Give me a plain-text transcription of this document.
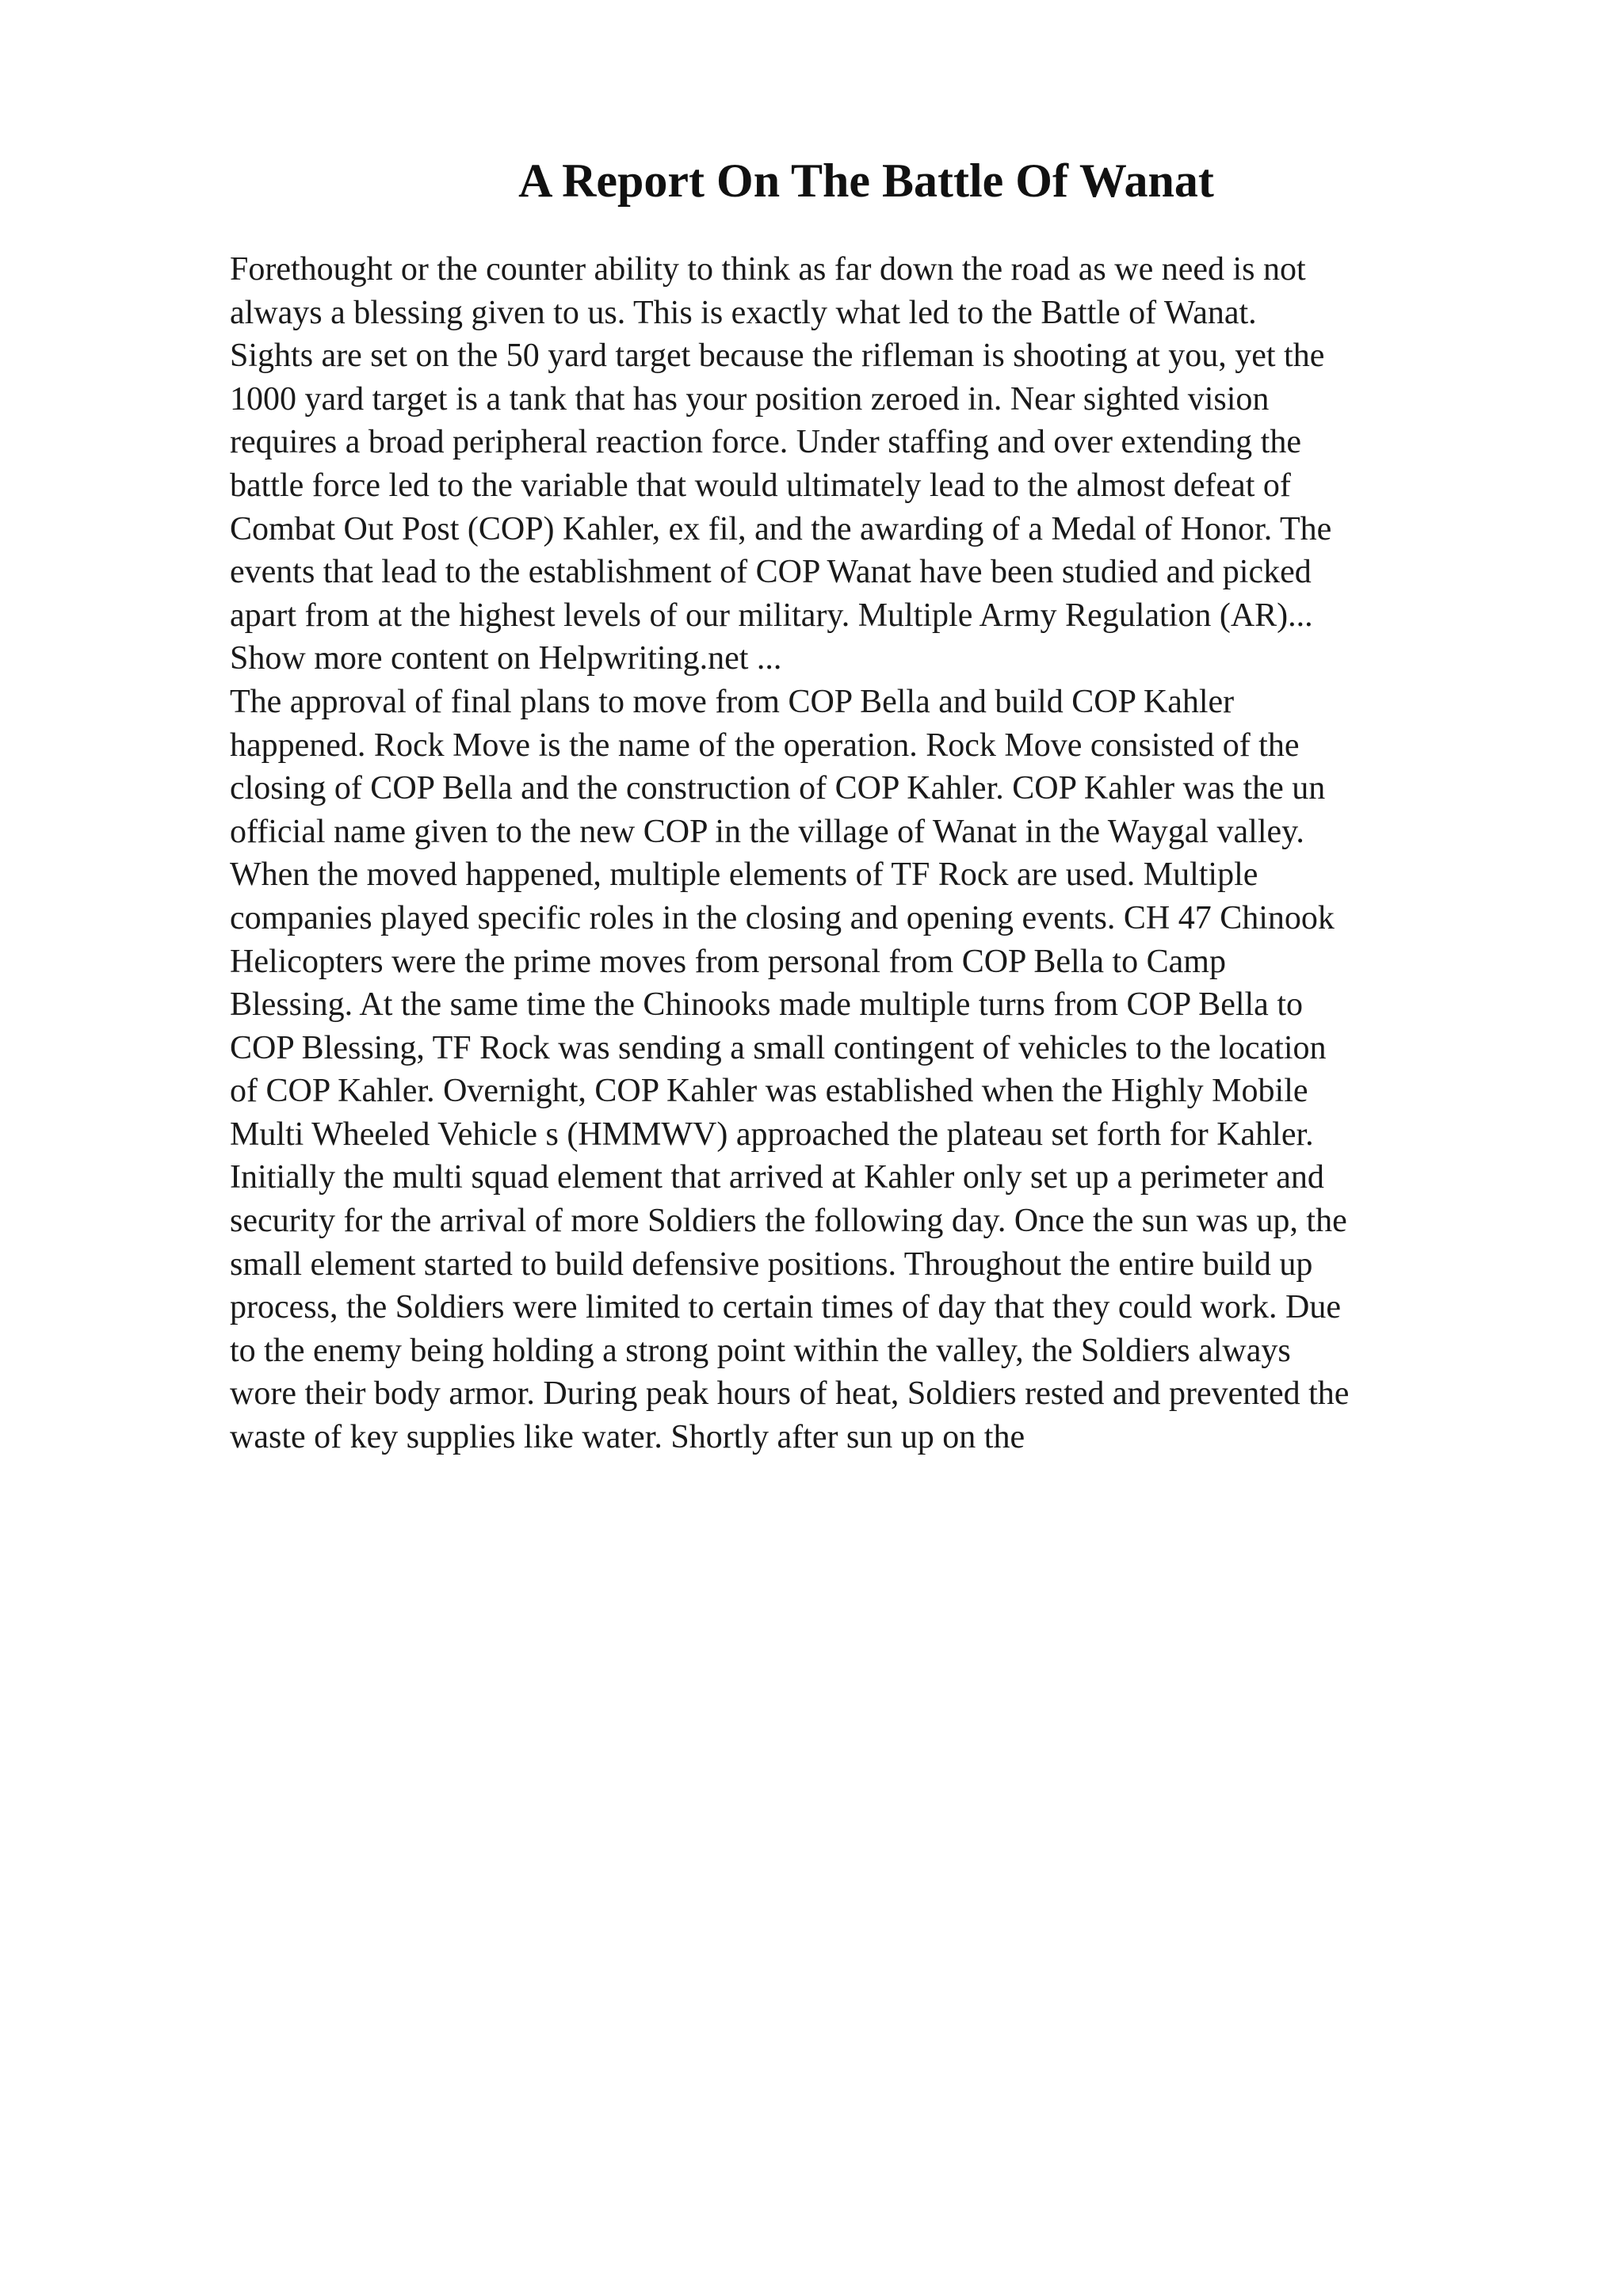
A Report On The Battle Of Wanat
Forethought or the counter ability to think as far down the road as we need is not
always a blessing given to us. This is exactly what led to the Battle of Wanat.
Sights are set on the 50 yard target because the rifleman is shooting at you, yet the
1000 yard target is a tank that has your position zeroed in. Near sighted vision
requires a broad peripheral reaction force. Under staffing and over extending the
battle force led to the variable that would ultimately lead to the almost defeat of
Combat Out Post (COP) Kahler, ex fil, and the awarding of a Medal of Honor. The
events that lead to the establishment of COP Wanat have been studied and picked
apart from at the highest levels of our military. Multiple Army Regulation (AR)...
Show more content on Helpwriting.net ...
The approval of final plans to move from COP Bella and build COP Kahler
happened. Rock Move is the name of the operation. Rock Move consisted of the
closing of COP Bella and the construction of COP Kahler. COP Kahler was the un
official name given to the new COP in the village of Wanat in the Waygal valley.
When the moved happened, multiple elements of TF Rock are used. Multiple
companies played specific roles in the closing and opening events. CH 47 Chinook
Helicopters were the prime moves from personal from COP Bella to Camp
Blessing. At the same time the Chinooks made multiple turns from COP Bella to
COP Blessing, TF Rock was sending a small contingent of vehicles to the location
of COP Kahler. Overnight, COP Kahler was established when the Highly Mobile
Multi Wheeled Vehicle s (HMMWV) approached the plateau set forth for Kahler.
Initially the multi squad element that arrived at Kahler only set up a perimeter and
security for the arrival of more Soldiers the following day. Once the sun was up, the
small element started to build defensive positions. Throughout the entire build up
process, the Soldiers were limited to certain times of day that they could work. Due
to the enemy being holding a strong point within the valley, the Soldiers always
wore their body armor. During peak hours of heat, Soldiers rested and prevented the
waste of key supplies like water. Shortly after sun up on the
